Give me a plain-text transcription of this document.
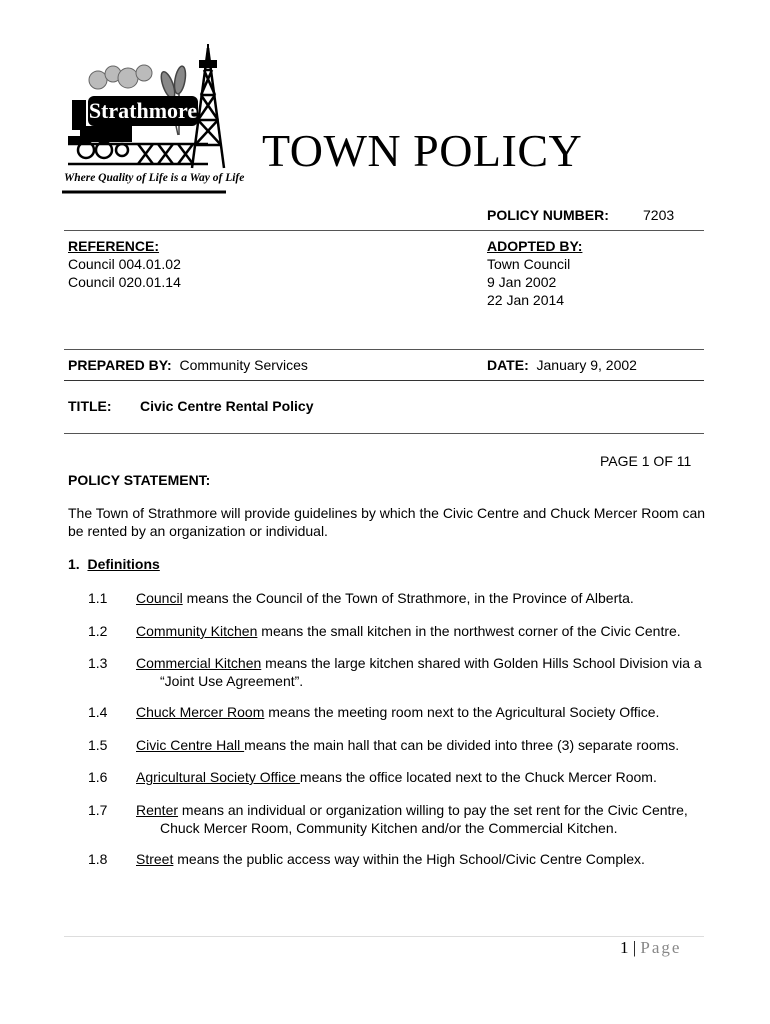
Strathmore
Where Quality of Life is a Way of Life
TOWN POLICY
POLICY NUMBER: 7203
REFERENCE:
Council 004.01.02
Council 020.01.14
ADOPTED BY:
Town Council
9 Jan 2002
22 Jan 2014
PREPARED BY: Community Services	DATE: January 9, 2002
TITLE: Civic Centre Rental Policy
PAGE 1 OF 11
POLICY STATEMENT:
The Town of Strathmore will provide guidelines by which the Civic Centre and Chuck Mercer Room can be rented by an organization or individual.
1. Definitions
1.1 Council means the Council of the Town of Strathmore, in the Province of Alberta.
1.2 Community Kitchen means the small kitchen in the northwest corner of the Civic Centre.
1.3 Commercial Kitchen means the large kitchen shared with Golden Hills School Division via a
“Joint Use Agreement”.
1.4 Chuck Mercer Room means the meeting room next to the Agricultural Society Office.
1.5 Civic Centre Hall means the main hall that can be divided into three (3) separate rooms.
1.6 Agricultural Society Office means the office located next to the Chuck Mercer Room.
1.7 Renter means an individual or organization willing to pay the set rent for the Civic Centre,
Chuck Mercer Room, Community Kitchen and/or the Commercial Kitchen.
1.8 Street means the public access way within the High School/Civic Centre Complex.
1 | Page
